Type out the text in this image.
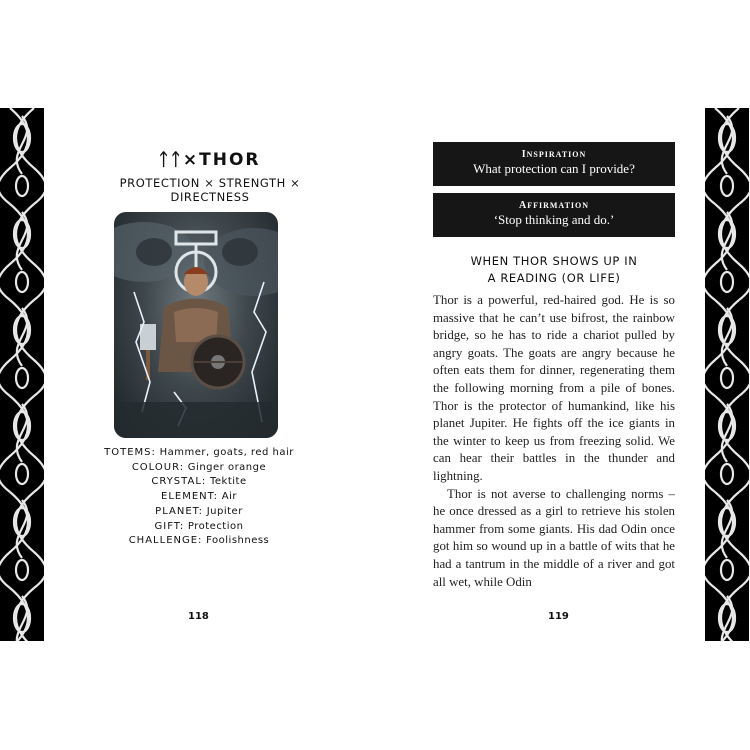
ᛏᛏ×THOR
PROTECTION × STRENGTH × DIRECTNESS
TOTEMS: Hammer, goats, red hair
COLOUR: Ginger orange
CRYSTAL: Tektite
ELEMENT: Air
PLANET: Jupiter
GIFT: Protection
CHALLENGE: Foolishness
118
INSPIRATION
What protection can I provide?
AFFIRMATION
‘Stop thinking and do.’
WHEN THOR SHOWS UP IN
A READING (OR LIFE)

Thor is a powerful, red-haired god. He is so massive that he can’t use bifrost, the rainbow bridge, so he has to ride a chariot pulled by angry goats. The goats are angry because he often eats them for dinner, regenerating them the following morning from a pile of bones. Thor is the protector of humankind, like his planet Jupiter. He fights off the ice giants in the winter to keep us from freezing solid. We can hear their battles in the thunder and lightning.

Thor is not averse to challenging norms – he once dressed as a girl to retrieve his stolen hammer from some giants. His dad Odin once got him so wound up in a battle of wits that he had a tantrum in the middle of a river and got all wet, while Odin

119
